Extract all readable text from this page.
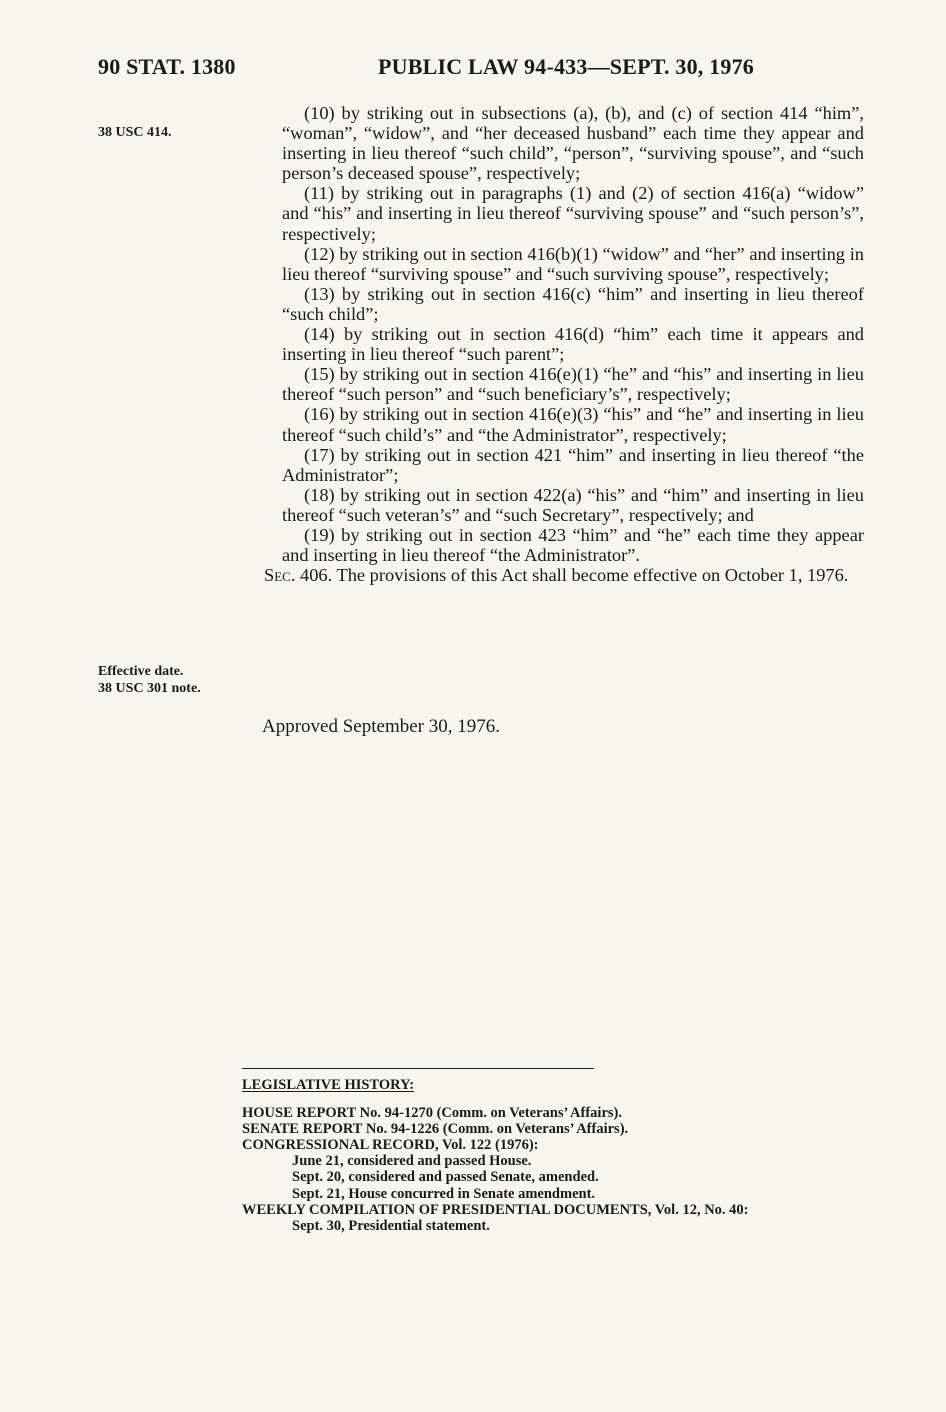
90 STAT. 1380	PUBLIC LAW 94-433—SEPT. 30, 1976
38 USC 414.
Effective date.
38 USC 301 note.

(10) by striking out in subsections (a), (b), and (c) of section 414 “him”, “woman”, “widow”, and “her deceased husband” each time they appear and inserting in lieu thereof “such child”, “person”, “surviving spouse”, and “such person’s deceased spouse”, respectively;

(11) by striking out in paragraphs (1) and (2) of section 416(a) “widow” and “his” and inserting in lieu thereof “surviving spouse” and “such person’s”, respectively;

(12) by striking out in section 416(b)(1) “widow” and “her” and inserting in lieu thereof “surviving spouse” and “such surviving spouse”, respectively;

(13) by striking out in section 416(c) “him” and inserting in lieu thereof “such child”;

(14) by striking out in section 416(d) “him” each time it appears and inserting in lieu thereof “such parent”;

(15) by striking out in section 416(e)(1) “he” and “his” and inserting in lieu thereof “such person” and “such beneficiary’s”, respectively;

(16) by striking out in section 416(e)(3) “his” and “he” and inserting in lieu thereof “such child’s” and “the Administrator”, respectively;

(17) by striking out in section 421 “him” and inserting in lieu thereof “the Administrator”;

(18) by striking out in section 422(a) “his” and “him” and inserting in lieu thereof “such veteran’s” and “such Secretary”, respectively; and

(19) by striking out in section 423 “him” and “he” each time they appear and inserting in lieu thereof “the Administrator”.

Sec. 406. The provisions of this Act shall become effective on October 1, 1976.

Approved September 30, 1976.
LEGISLATIVE HISTORY:
HOUSE REPORT No. 94-1270 (Comm. on Veterans’ Affairs).
SENATE REPORT No. 94-1226 (Comm. on Veterans’ Affairs).
CONGRESSIONAL RECORD, Vol. 122 (1976):
June 21, considered and passed House.
Sept. 20, considered and passed Senate, amended.
Sept. 21, House concurred in Senate amendment.
WEEKLY COMPILATION OF PRESIDENTIAL DOCUMENTS, Vol. 12, No. 40:
Sept. 30, Presidential statement.
